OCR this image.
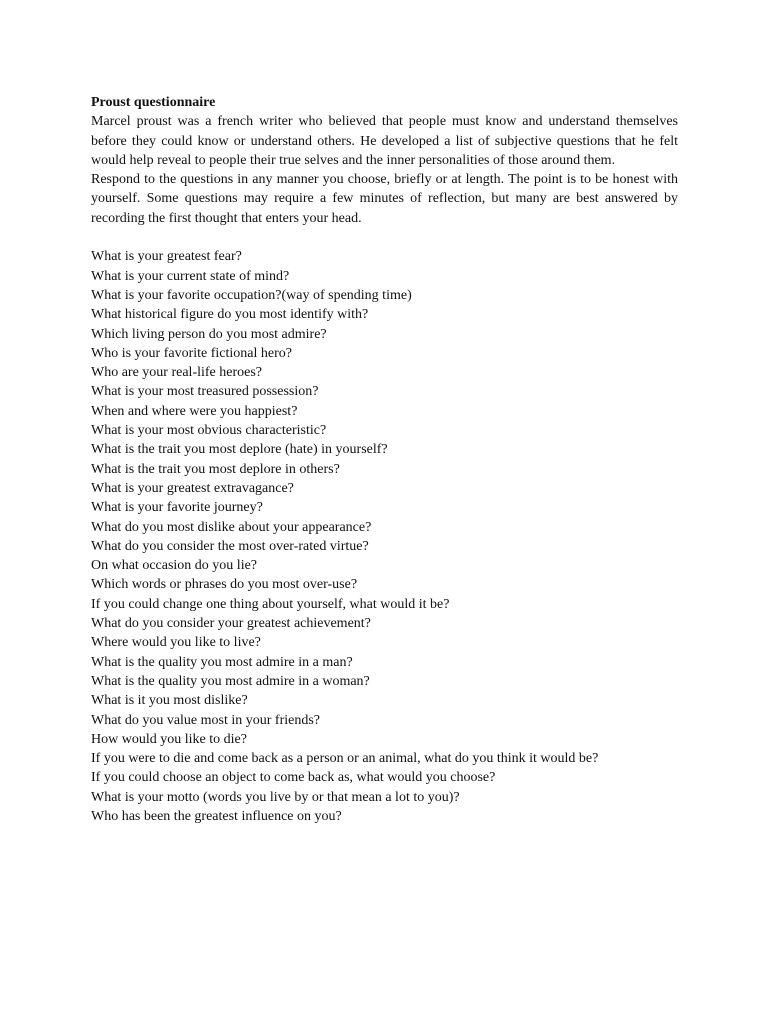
Proust questionnaire

Marcel proust was a french writer who believed that people must know and understand themselves before they could know or understand others. He developed a list of subjective questions that he felt would help reveal to people their true selves and the inner personalities of those around them.

Respond to the questions in any manner you choose, briefly or at length. The point is to be honest with yourself. Some questions may require a few minutes of reflection, but many are best answered by recording the first thought that enters your head.

What is your greatest fear?
What is your current state of mind?
What is your favorite occupation?(way of spending time)
What historical figure do you most identify with?
Which living person do you most admire?
Who is your favorite fictional hero?
Who are your real-life heroes?
What is your most treasured possession?
When and where were you happiest?
What is your most obvious characteristic?
What is the trait you most deplore (hate) in yourself?
What is the trait you most deplore in others?
What is your greatest extravagance?
What is your favorite journey?
What do you most dislike about your appearance?
What do you consider the most over-rated virtue?
On what occasion do you lie?
Which words or phrases do you most over-use?
If you could change one thing about yourself, what would it be?
What do you consider your greatest achievement?
Where would you like to live?
What is the quality you most admire in a man?
What is the quality you most admire in a woman?
What is it you most dislike?
What do you value most in your friends?
How would you like to die?
If you were to die and come back as a person or an animal, what do you think it would be?
If you could choose an object to come back as, what would you choose?
What is your motto (words you live by or that mean a lot to you)?
Who has been the greatest influence on you?
